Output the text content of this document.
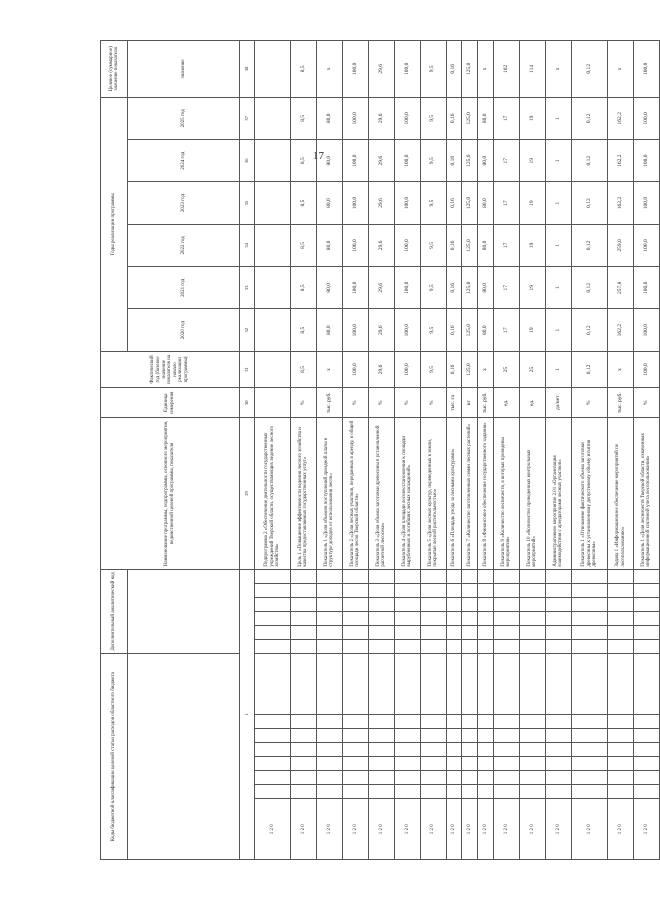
17
Коды бюджетной классификации целевой статьи расходов областного бюджета								Дополнительный аналитический код						Наименование программы, подпрограммы, основного мероприятия, ведомственной целевой программы, показателя	Единица измерения	Фактический год (базовое значение показателя на начало реализации программы)	Годы реализации программы						Целевое (суммарное) значение показателя
																	2020 год	2021 год	2022 год	2023 год	2024 год	2025 год	значение
1														29	30	31	32	33	34	35	36	37	38
1 2 0														Подпрограмма 2 «Обеспечение деятельности государственных учреждений Тверской области, осуществляющих ведение лесного хозяйства»									
1 2 0														Цель 1 «Повышение эффективности ведения лесного хозяйства и качества предоставляемых государственных услуг»	%	8,5	8,5	8,5	8,5	8,5	8,5	8,5	8,5
1 2 0														Показатель 1 «Доля объемов поступлений арендной платы в структуре доходов от использования лесов»	тыс. руб.	х	80,0	80,0	80,0	80,0	80,0	80,0	х
1 2 0														Показатель 2 «Доля лесных участков, переданных в аренду, в общей площади лесов Тверской области»	%	100,0	100,0	100,0	100,0	100,0	100,0	100,0	100,0
1 2 0														Показатель 3 «Доля объема заготовки древесины в установленной расчетной лесосеке»	%	29,6	29,6	29,6	29,6	29,6	29,6	29,6	29,6
1 2 0														Показатель 4 «Доля площади лесовосстановления к площади вырубленных и погибших лесных насаждений»	%	100,0	100,0	100,0	100,0	100,0	100,0	100,0	100,0
1 2 0														Показатель 5 «Доля лесных культур, переведенных в земли, покрытые лесной растительностью»	%	9,5	9,5	9,5	9,5	9,5	9,5	9,5	9,5
1 2 0														Показатель 6 «Площадь ухода за лесными культурами»	тыс. га	0,16	0,16	0,16	0,16	0,16	0,16	0,16	0,16
1 2 0														Показатель 7 «Количество заготовленных семян лесных растений»	кг	125,0	125,0	125,0	125,0	125,0	125,0	125,0	125,0
1 2 0														Показатель 8 «Финансовое обеспечение государственного задания»	тыс. руб.	х	80,0	80,0	80,0	80,0	80,0	80,0	х
1 2 0														Показатель 9 «Количество лесничеств, в которых проведены мероприятия»	ед.	25	17	17	17	17	17	17	102
1 2 0														Показатель 10 «Количество проведенных контрольных мероприятий»	ед.	25	19	19	19	19	19	19	114
1 2 0														Административное мероприятие 2.01 «Организация взаимодействия с арендаторами лесных участков»	да/нет	1	1	1	1	1	1	1	х
1 2 0														Показатель 1 «Отношение фактического объема заготовки древесины к установленному допустимому объему изъятия древесины»	%	0,12	0,12	0,12	0,12	0,12	0,12	0,12	0,12
1 2 0														Задача 1 «Информационное обеспечение мероприятий по лесопользованию»	тыс. руб.	х	162,2	257,8	259,0	162,2	162,2	162,2	х
1 2 0														Показатель 1 «Доля лесничеств Тверской области, охваченных информационной системой учета лесопользования»	%	100,0	100,0	100,0	100,0	100,0	100,0	100,0	100,0
